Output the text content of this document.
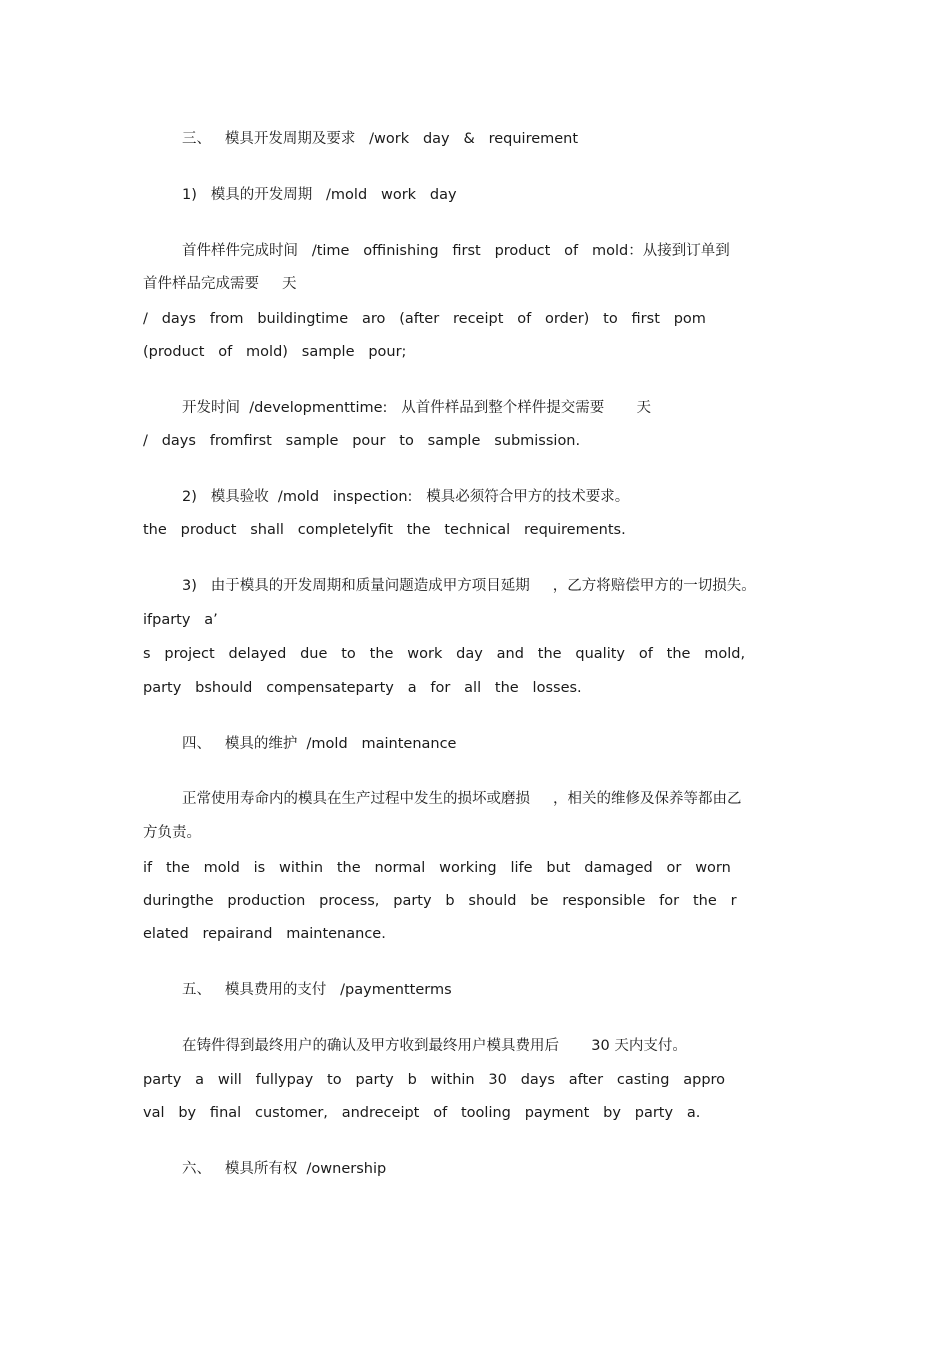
三、   模具开发周期及要求   /work   day   &   requirement
1)   模具的开发周期   /mold   work   day
首件样件完成时间   /time   offinishing   first   product   of   mold：从接到订单到
首件样品完成需要     天
/   days   from   buildingtime   aro   (after   receipt   of   order)   to   first   pom
(product   of   mold)   sample   pour;
开发时间  /developmenttime:   从首件样品到整个样件提交需要       天
/   days   fromfirst   sample   pour   to   sample   submission.
2)   模具验收  /mold   inspection:   模具必须符合甲方的技术要求。
the   product   shall   completelyfit   the   technical   requirements.
3)   由于模具的开发周期和质量问题造成甲方项目延期     ，乙方将赔偿甲方的一切损失。
ifparty   a’
s   project   delayed   due   to   the   work   day   and   the   quality   of   the   mold,
party   bshould   compensateparty   a   for   all   the   losses.
四、   模具的维护  /mold   maintenance
正常使用寿命内的模具在生产过程中发生的损坏或磨损     ，相关的维修及保养等都由乙
方负责。
if   the   mold   is   within   the   normal   working   life   but   damaged   or   worn
duringthe   production   process,   party   b   should   be   responsible   for   the   r
elated   repairand   maintenance.
五、   模具费用的支付   /paymentterms
在铸件得到最终用户的确认及甲方收到最终用户模具费用后       30 天内支付。
party   a   will   fullypay   to   party   b   within   30   days   after   casting   appro
val   by   final   customer,   andreceipt   of   tooling   payment   by   party   a.
六、   模具所有权  /ownership
